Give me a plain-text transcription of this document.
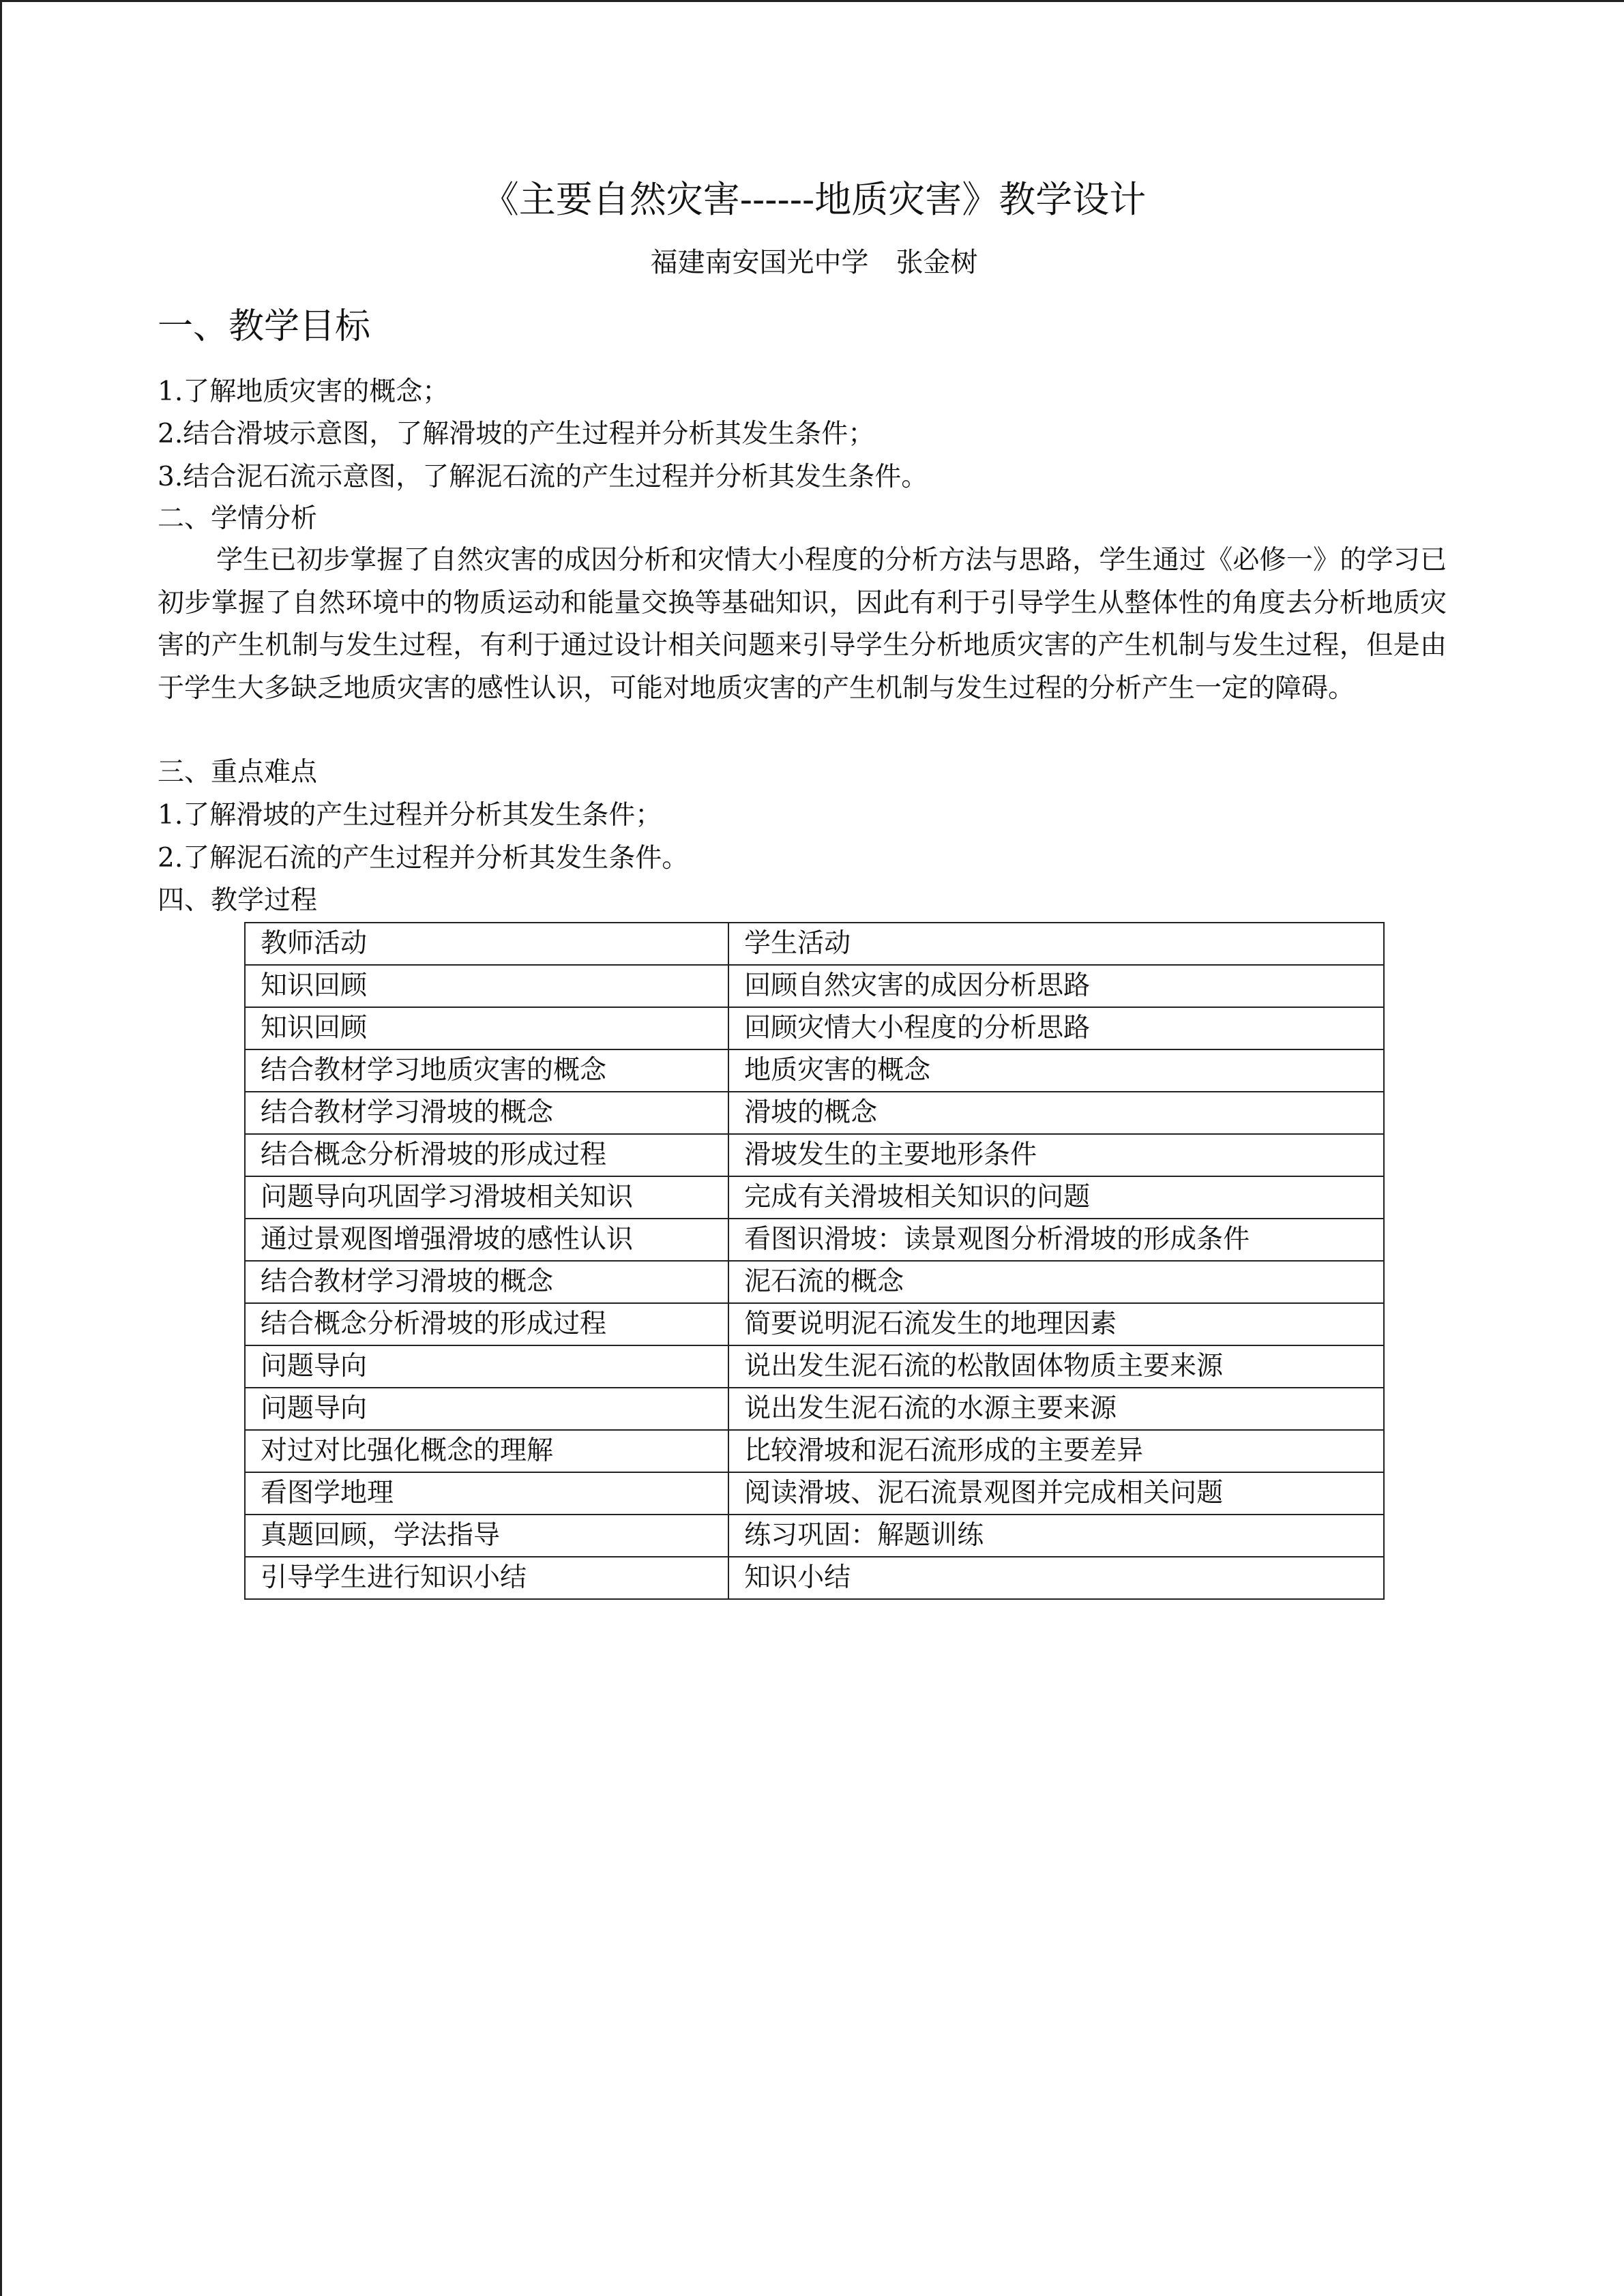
《主要自然灾害------地质灾害》教学设计
福建南安国光中学　张金树
一、教学目标
1.了解地质灾害的概念；
2.结合滑坡示意图，了解滑坡的产生过程并分析其发生条件；
3.结合泥石流示意图，了解泥石流的产生过程并分析其发生条件。
二、学情分析
学生已初步掌握了自然灾害的成因分析和灾情大小程度的分析方法与思路，学生通过《必修一》的学习已初步掌握了自然环境中的物质运动和能量交换等基础知识，因此有利于引导学生从整体性的角度去分析地质灾害的产生机制与发生过程，有利于通过设计相关问题来引导学生分析地质灾害的产生机制与发生过程，但是由于学生大多缺乏地质灾害的感性认识，可能对地质灾害的产生机制与发生过程的分析产生一定的障碍。
三、重点难点
1.了解滑坡的产生过程并分析其发生条件；
2.了解泥石流的产生过程并分析其发生条件。
四、教学过程
教师活动	学生活动
知识回顾	回顾自然灾害的成因分析思路
知识回顾	回顾灾情大小程度的分析思路
结合教材学习地质灾害的概念	地质灾害的概念
结合教材学习滑坡的概念	滑坡的概念
结合概念分析滑坡的形成过程	滑坡发生的主要地形条件
问题导向巩固学习滑坡相关知识	完成有关滑坡相关知识的问题
通过景观图增强滑坡的感性认识	看图识滑坡：读景观图分析滑坡的形成条件
结合教材学习滑坡的概念	泥石流的概念
结合概念分析滑坡的形成过程	简要说明泥石流发生的地理因素
问题导向	说出发生泥石流的松散固体物质主要来源
问题导向	说出发生泥石流的水源主要来源
对过对比强化概念的理解	比较滑坡和泥石流形成的主要差异
看图学地理	阅读滑坡、泥石流景观图并完成相关问题
真题回顾，学法指导	练习巩固：解题训练
引导学生进行知识小结	知识小结
